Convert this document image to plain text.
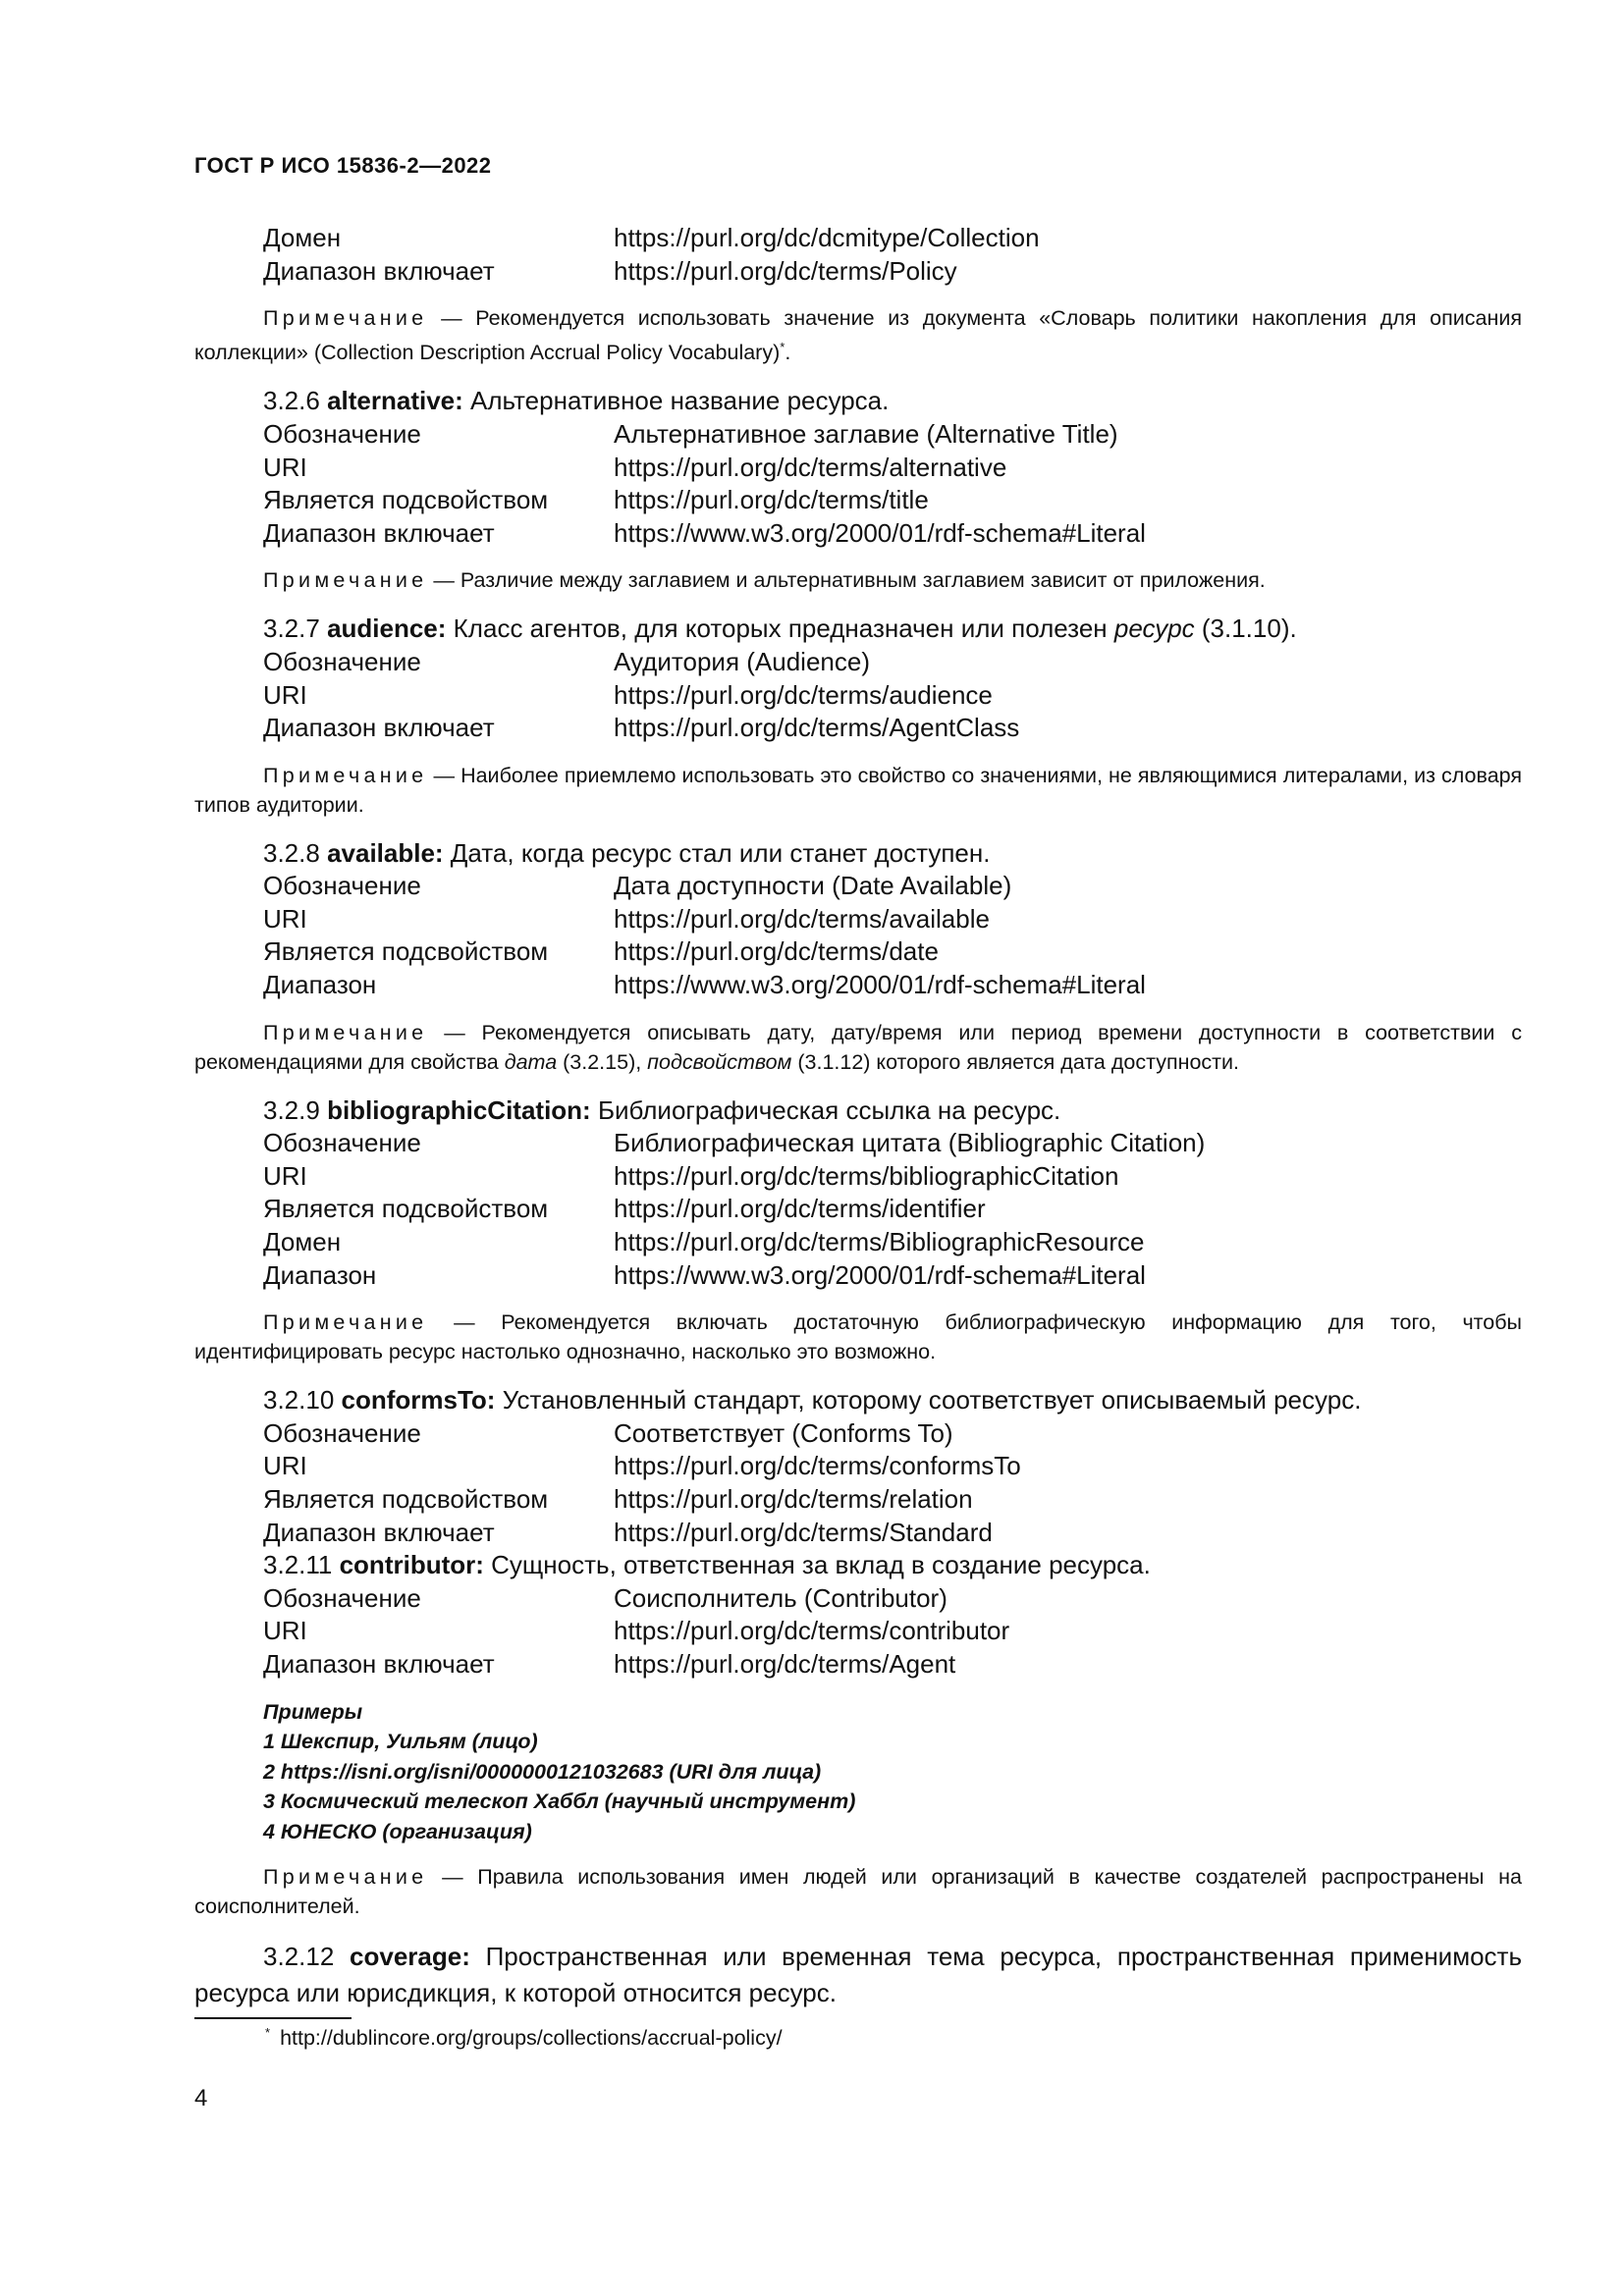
ГОСТ Р ИСО 15836-2—2022
Домен	https://purl.org/dc/dcmitype/Collection
Диапазон включает	https://purl.org/dc/terms/Policy
Примечание — Рекомендуется использовать значение из документа «Словарь политики накопления для описания коллекции» (Collection Description Accrual Policy Vocabulary)*.
3.2.6 alternative: Альтернативное название ресурса.
Обозначение	Альтернативное заглавие (Alternative Title)
URI	https://purl.org/dc/terms/alternative
Является подсвойством	https://purl.org/dc/terms/title
Диапазон включает	https://www.w3.org/2000/01/rdf-schema#Literal
Примечание — Различие между заглавием и альтернативным заглавием зависит от приложения.
3.2.7 audience: Класс агентов, для которых предназначен или полезен ресурс (3.1.10).
Обозначение	Аудитория (Audience)
URI	https://purl.org/dc/terms/audience
Диапазон включает	https://purl.org/dc/terms/AgentClass
Примечание — Наиболее приемлемо использовать это свойство со значениями, не являющимися литералами, из словаря типов аудитории.
3.2.8 available: Дата, когда ресурс стал или станет доступен.
Обозначение	Дата доступности (Date Available)
URI	https://purl.org/dc/terms/available
Является подсвойством	https://purl.org/dc/terms/date
Диапазон	https://www.w3.org/2000/01/rdf-schema#Literal
Примечание — Рекомендуется описывать дату, дату/время или период времени доступности в соответствии с рекомендациями для свойства дата (3.2.15), подсвойством (3.1.12) которого является дата доступности.
3.2.9 bibliographicCitation: Библиографическая ссылка на ресурс.
Обозначение	Библиографическая цитата (Bibliographic Citation)
URI	https://purl.org/dc/terms/bibliographicCitation
Является подсвойством	https://purl.org/dc/terms/identifier
Домен	https://purl.org/dc/terms/BibliographicResource
Диапазон	https://www.w3.org/2000/01/rdf-schema#Literal
Примечание — Рекомендуется включать достаточную библиографическую информацию для того, чтобы идентифицировать ресурс настолько однозначно, насколько это возможно.
3.2.10 conformsTo: Установленный стандарт, которому соответствует описываемый ресурс.
Обозначение	Соответствует (Conforms To)
URI	https://purl.org/dc/terms/conformsTo
Является подсвойством	https://purl.org/dc/terms/relation
Диапазон включает	https://purl.org/dc/terms/Standard
3.2.11 contributor: Сущность, ответственная за вклад в создание ресурса.
Обозначение	Соисполнитель (Contributor)
URI	https://purl.org/dc/terms/contributor
Диапазон включает	https://purl.org/dc/terms/Agent
Примеры
1 Шекспир, Уильям (лицо)
2 https://isni.org/isni/0000000121032683 (URI для лица)
3 Космический телескоп Хаббл (научный инструмент)
4 ЮНЕСКО (организация)
Примечание — Правила использования имен людей или организаций в качестве создателей распространены на соисполнителей.
3.2.12 coverage: Пространственная или временная тема ресурса, пространственная применимость ресурса или юрисдикция, к которой относится ресурс.
* http://dublincore.org/groups/collections/accrual-policy/
4
